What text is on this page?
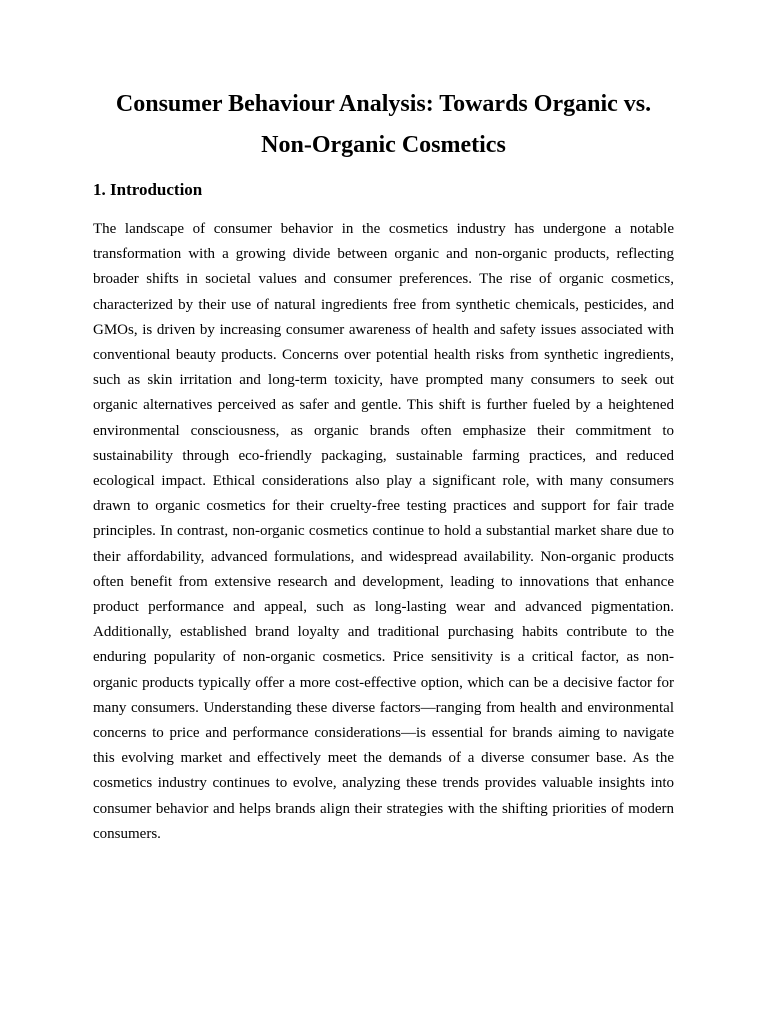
Consumer Behaviour Analysis: Towards Organic vs.
Non-Organic Cosmetics
1. Introduction

The landscape of consumer behavior in the cosmetics industry has undergone a notable transformation with a growing divide between organic and non-organic products, reflecting broader shifts in societal values and consumer preferences. The rise of organic cosmetics, characterized by their use of natural ingredients free from synthetic chemicals, pesticides, and GMOs, is driven by increasing consumer awareness of health and safety issues associated with conventional beauty products. Concerns over potential health risks from synthetic ingredients, such as skin irritation and long-term toxicity, have prompted many consumers to seek out organic alternatives perceived as safer and gentle. This shift is further fueled by a heightened environmental consciousness, as organic brands often emphasize their commitment to sustainability through eco-friendly packaging, sustainable farming practices, and reduced ecological impact. Ethical considerations also play a significant role, with many consumers drawn to organic cosmetics for their cruelty-free testing practices and support for fair trade principles. In contrast, non-organic cosmetics continue to hold a substantial market share due to their affordability, advanced formulations, and widespread availability. Non-organic products often benefit from extensive research and development, leading to innovations that enhance product performance and appeal, such as long-lasting wear and advanced pigmentation. Additionally, established brand loyalty and traditional purchasing habits contribute to the enduring popularity of non-organic cosmetics. Price sensitivity is a critical factor, as non-organic products typically offer a more cost-effective option, which can be a decisive factor for many consumers. Understanding these diverse factors—ranging from health and environmental concerns to price and performance considerations—is essential for brands aiming to navigate this evolving market and effectively meet the demands of a diverse consumer base. As the cosmetics industry continues to evolve, analyzing these trends provides valuable insights into consumer behavior and helps brands align their strategies with the shifting priorities of modern consumers.
